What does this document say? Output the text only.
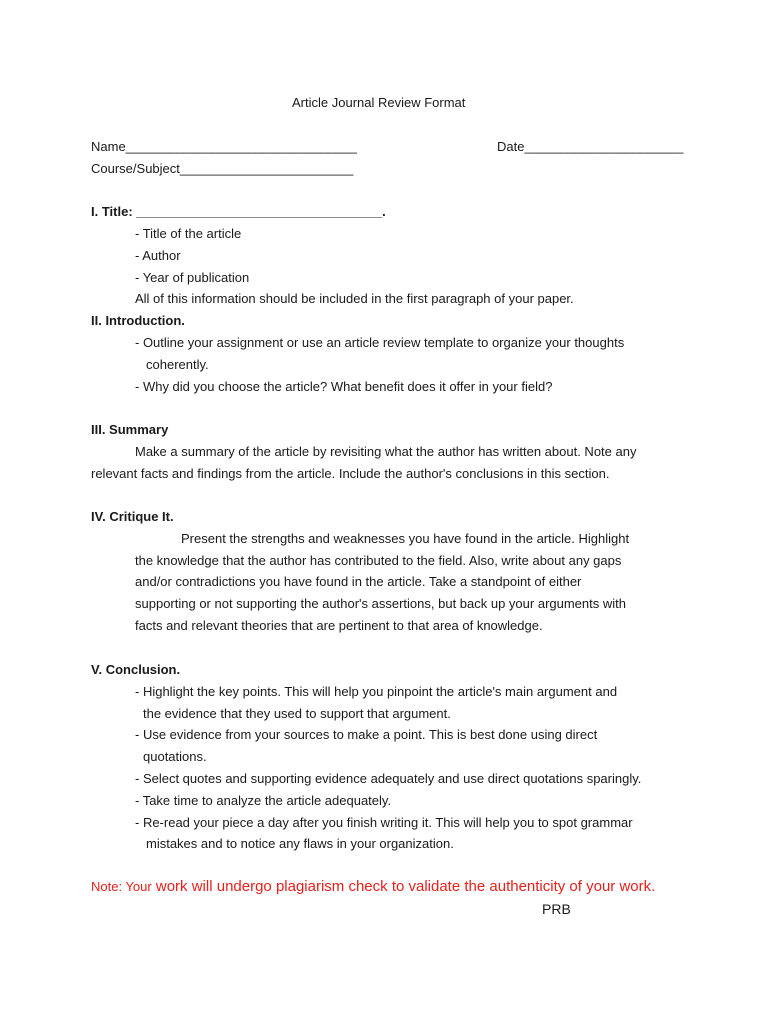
Article Journal Review Format
Name________________________________	Date______________________
Course/Subject________________________
I. Title: __________________________________.
- Title of the article
- Author
- Year of publication
All of this information should be included in the first paragraph of your paper.
II. Introduction.
- Outline your assignment or use an article review template to organize your thoughts
coherently.
- Why did you choose the article? What benefit does it offer in your field?
III. Summary
Make a summary of the article by revisiting what the author has written about. Note any
relevant facts and findings from the article. Include the author's conclusions in this section.
IV. Critique It.
Present the strengths and weaknesses you have found in the article. Highlight
the knowledge that the author has contributed to the field. Also, write about any gaps
and/or contradictions you have found in the article. Take a standpoint of either
supporting or not supporting the author's assertions, but back up your arguments with
facts and relevant theories that are pertinent to that area of knowledge.
V. Conclusion.
- Highlight the key points. This will help you pinpoint the article's main argument and
the evidence that they used to support that argument.
- Use evidence from your sources to make a point. This is best done using direct
quotations.
- Select quotes and supporting evidence adequately and use direct quotations sparingly.
- Take time to analyze the article adequately.
- Re-read your piece a day after you finish writing it. This will help you to spot grammar
mistakes and to notice any flaws in your organization.
Note: Your work will undergo plagiarism check to validate the authenticity of your work.
PRB
